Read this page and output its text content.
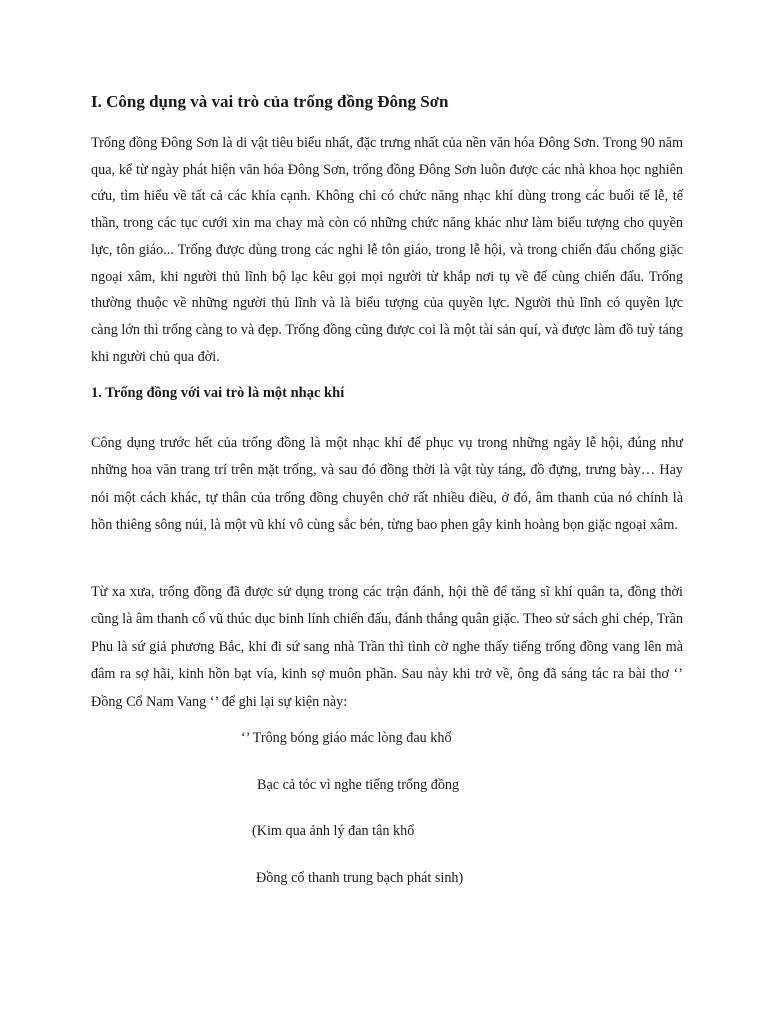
I. Công dụng và vai trò của trống đồng Đông Sơn

Trống đồng Đông Sơn là di vật tiêu biểu nhất, đặc trưng nhất của nền văn hóa Đông Sơn. Trong 90 năm qua, kể từ ngày phát hiện văn hóa Đông Sơn, trống đồng Đông Sơn luôn được các nhà khoa học nghiên cứu, tìm hiểu về tất cả các khía cạnh. Không chỉ có chức năng nhạc khí dùng trong các buổi tế lễ, tế thần, trong các tục cưới xin ma chay mà còn có những chức năng khác như làm biểu tượng cho quyền lực, tôn giáo... Trống được dùng trong các nghi lễ tôn giáo, trong lễ hội, và trong chiến đấu chống giặc ngoại xâm, khi người thủ lĩnh bộ lạc kêu gọi mọi người từ khắp nơi tụ về để cùng chiến đấu. Trống thường thuộc về những người thủ lĩnh và là biểu tượng của quyền lực. Người thủ lĩnh có quyền lực càng lớn thì trống càng to và đẹp. Trống đồng cũng được coi là một tài sản quí, và được làm đồ tuỳ táng khi người chủ qua đời.

1. Trống đồng với vai trò là một nhạc khí

Công dụng trước hết của trống đồng là một nhạc khí để phục vụ trong những ngày lễ hội, đúng như những hoa văn trang trí trên mặt trống, và sau đó đồng thời là vật tùy táng, đồ đựng, trưng bày… Hay nói một cách khác, tự thân của trống đồng chuyên chở rất nhiều điều, ở đó, âm thanh của nó chính là hồn thiêng sông núi, là một vũ khí vô cùng sắc bén, từng bao phen gây kinh hoàng bọn giặc ngoại xâm.

Từ xa xưa, trống đồng đã được sử dụng trong các trận đánh, hội thề để tăng sĩ khí quân ta, đồng thời cũng là âm thanh cổ vũ thúc dục binh lính chiến đấu, đánh thắng quân giặc. Theo sử sách ghi chép, Trần Phu là sứ giả phương Bắc, khi đi sứ sang nhà Trần thì tình cờ nghe thấy tiếng trống đồng vang lên mà đâm ra sợ hãi, kinh hồn bạt vía, kinh sợ muôn phần. Sau này khi trở về, ông đã sáng tác ra bài thơ ‘’ Đồng Cổ Nam Vang ‘’ để ghi lại sự kiện này:

‘’ Trông bóng giáo mác lòng đau khổ
Bạc cả tóc vì nghe tiếng trống đồng
(Kim qua ảnh lý đan tân khổ
Đồng cổ thanh trung bạch phát sinh)
